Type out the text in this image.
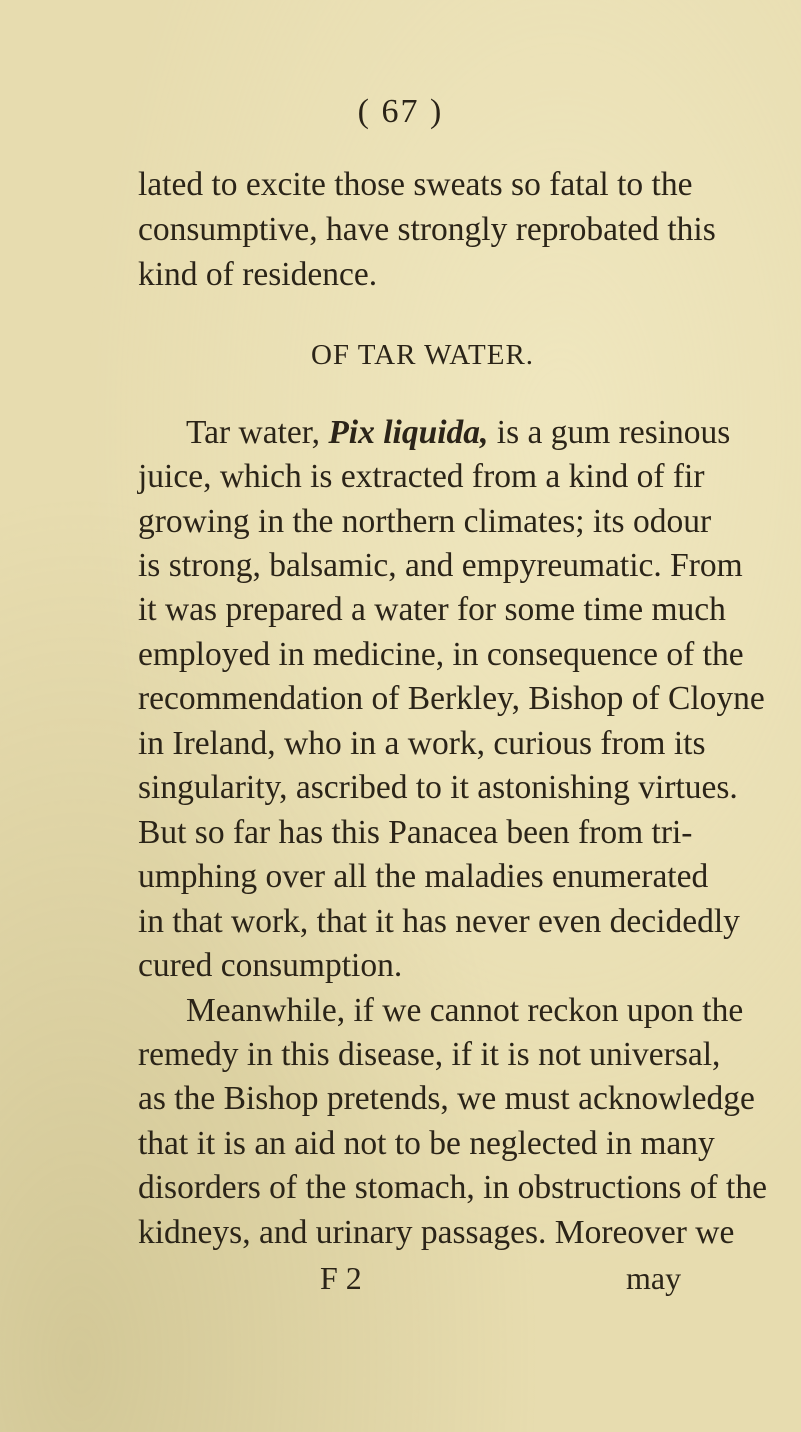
( 67 )
lated to excite those sweats so fatal to the
consumptive, have strongly reprobated this
kind of residence.
OF TAR WATER.
Tar water, Pix liquida, is a gum resinous
juice, which is extracted from a kind of fir
growing in the northern climates; its odour
is strong, balsamic, and empyreumatic. From
it was prepared a water for some time much
employed in medicine, in consequence of the
recommendation of Berkley, Bishop of Cloyne
in Ireland, who in a work, curious from its
singularity, ascribed to it astonishing virtues.
But so far has this Panacea been from tri-
umphing over all the maladies enumerated
in that work, that it has never even decidedly
cured consumption.
Meanwhile, if we cannot reckon upon the
remedy in this disease, if it is not universal,
as the Bishop pretends, we must acknowledge
that it is an aid not to be neglected in many
disorders of the stomach, in obstructions of the
kidneys, and urinary passages. Moreover we
F 2	may
